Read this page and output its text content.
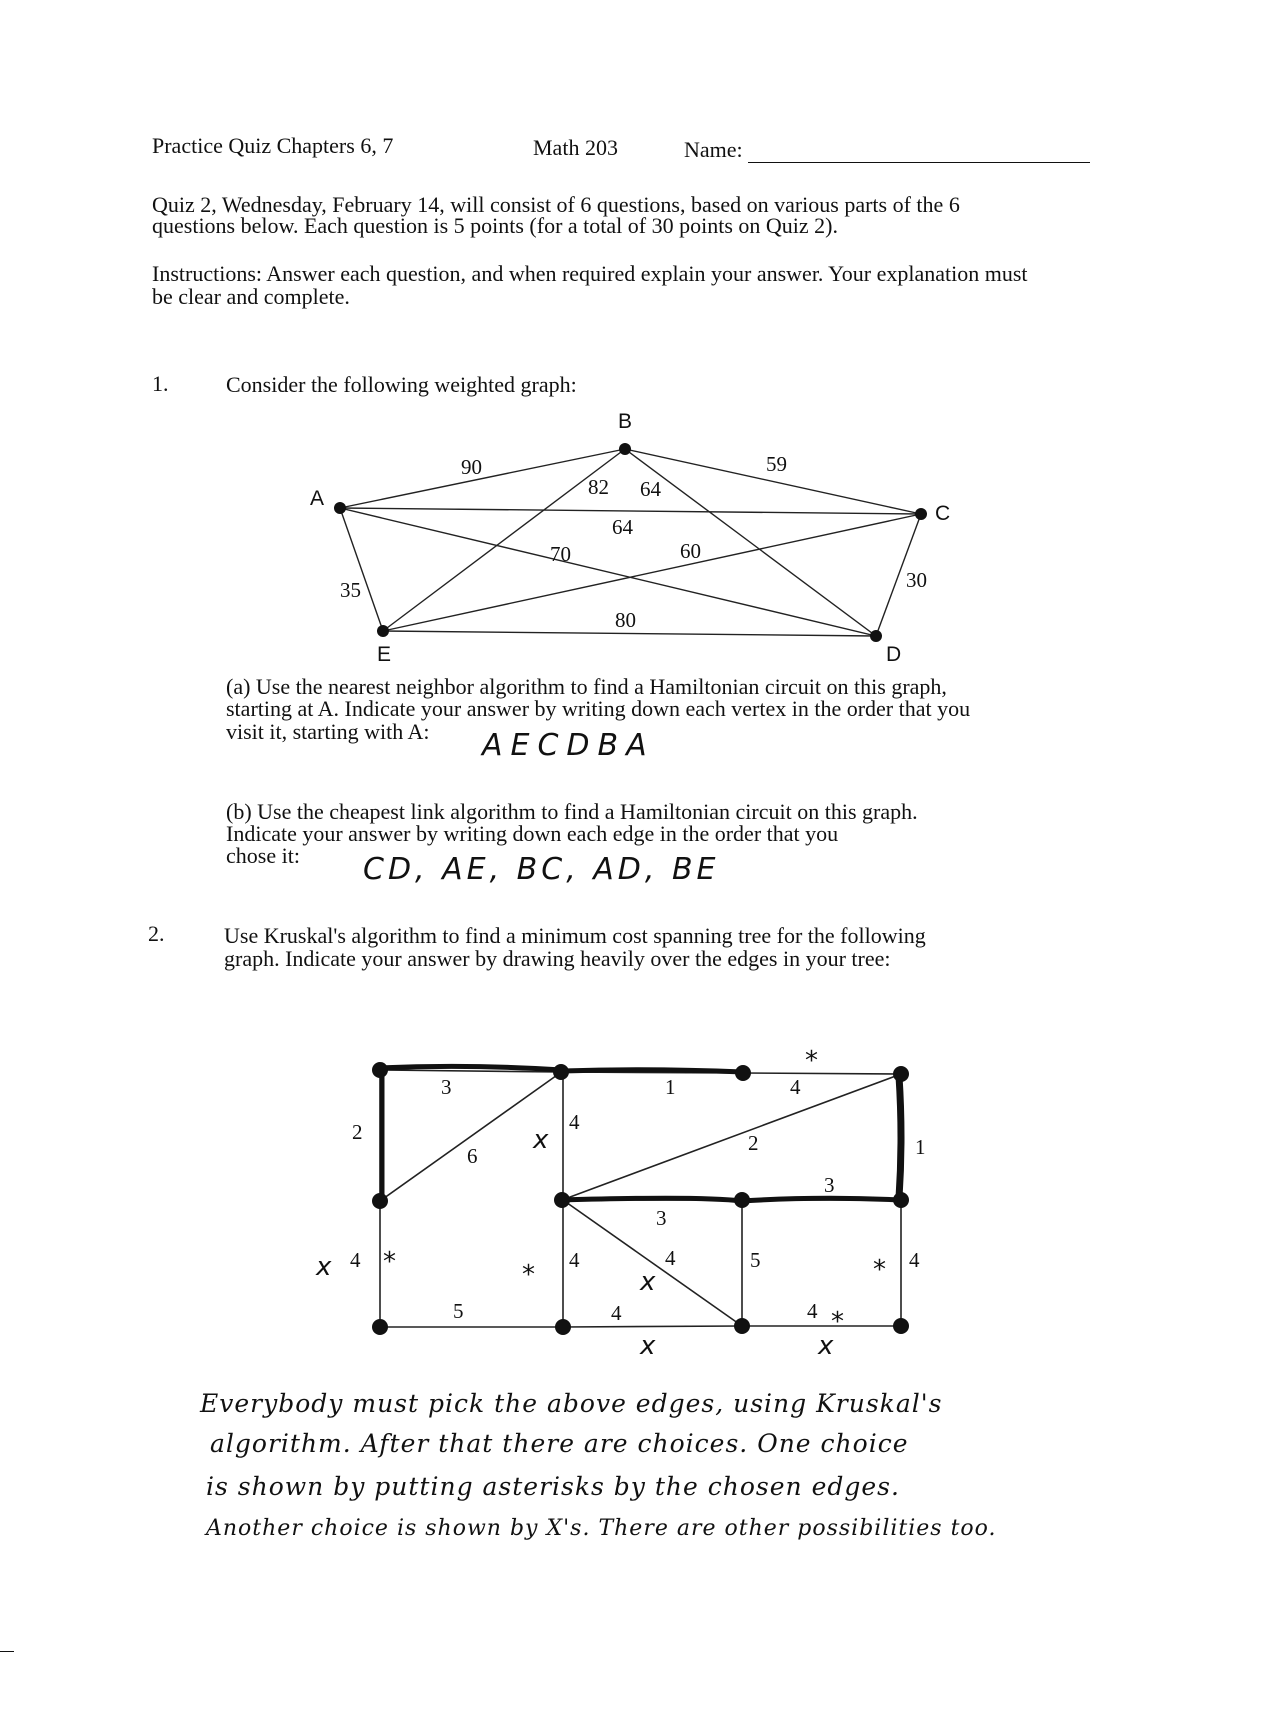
Practice Quiz Chapters 6, 7	Math 203	Name:
Quiz 2, Wednesday, February 14, will consist of 6 questions, based on various parts of the 6
questions below. Each question is 5 points (for a total of 30 points on Quiz 2).
Instructions: Answer each question, and when required explain your answer. Your explanation must
be clear and complete.
1.	Consider the following weighted graph:
A
B
C
D
E
90	59
35	30
80
82 64
64
70	60
(a) Use the nearest neighbor algorithm to find a Hamiltonian circuit on this graph,
starting at A. Indicate your answer by writing down each vertex in the order that you
visit it, starting with A: AECDBA
(b) Use the cheapest link algorithm to find a Hamiltonian circuit on this graph.
Indicate your answer by writing down each edge in the order that you
chose it: CD, AE, BC, AD, BE
2.	Use Kruskal's algorithm to find a minimum cost spanning tree for the following
graph. Indicate your answer by drawing heavily over the edges in your tree:
3	1	4
2
6
4
2	1
3
3
4	4	4	5	4
5	4	4
*
*	*	*
*
x
x	x
x	x
Everybody must pick the above edges, using Kruskal's
algorithm. After that there are choices. One choice
is shown by putting asterisks by the chosen edges.
Another choice is shown by X's. There are other possibilities too.
